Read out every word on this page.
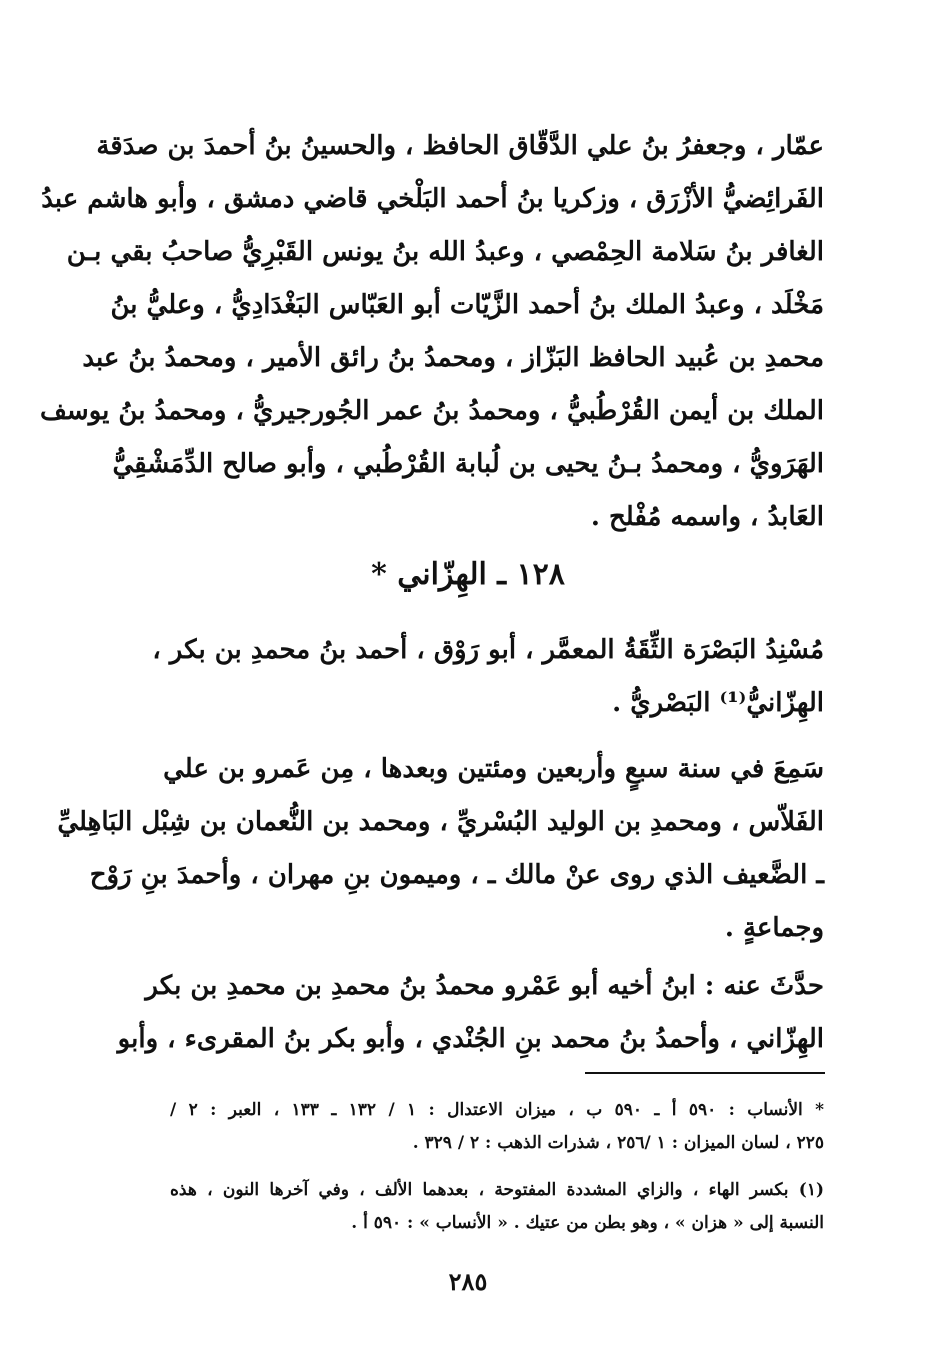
عمّار ، وجعفرُ بنُ علي الدَّقّاق الحافظ ، والحسينُ بنُ أحمدَ بن صدَقة
الفَرائِضيُّ الأزْرَق ، وزكريا بنُ أحمد البَلْخي قاضي دمشق ، وأبو هاشم عبدُ
الغافر بنُ سَلامة الحِمْصي ، وعبدُ الله بنُ يونس القَبْرِيُّ صاحبُ بقي بـن
مَخْلَد ، وعبدُ الملك بنُ أحمد الزَّيّات أبو العَبّاس البَغْدَادِيُّ ، وعليُّ بنُ
محمدِ بن عُبيد الحافظ البَزّاز ، ومحمدُ بنُ رائق الأمير ، ومحمدُ بنُ عبد
الملك بن أيمن القُرْطُبيُّ ، ومحمدُ بنُ عمر الجُورجيريُّ ، ومحمدُ بنُ يوسف
الهَرَويُّ ، ومحمدُ بـنُ يحيى بن لُبابة القُرْطُبي ، وأبو صالح الدِّمَشْقِيُّ
العَابدُ ، واسمه مُفْلح .
١٢٨ ـ الهِزّاني *
مُسْنِدُ البَصْرَة الثِّقَةُ المعمَّر ، أبو رَوْق ، أحمد بنُ محمدِ بن بكر ،
الهِزّانيُّ⁽¹⁾ البَصْريُّ .
سَمِعَ في سنة سبعٍ وأربعين ومئتين وبعدها ، مِن عَمرو بن علي
الفَلاّس ، ومحمدِ بن الوليد البُسْريِّ ، ومحمد بن النُّعمان بن شِبْل البَاهِليِّ
ـ الضَّعيف الذي روى عنْ مالك ـ ، وميمون بنِ مهران ، وأحمدَ بنِ رَوْح
وجماعةٍ .
حدَّثَ عنه : ابنُ أخيه أبو عَمْرو محمدُ بنُ محمدِ بن محمدِ بن بكر
الهِزّاني ، وأحمدُ بنُ محمد بنِ الجُنْدي ، وأبو بكر بنُ المقرىء ، وأبو
* الأنساب : ٥٩٠ أ ـ ٥٩٠ ب ، ميزان الاعتدال : ١ / ١٣٢ ـ ١٣٣ ، العبر : ٢ /
٢٢٥ ، لسان الميزان : ١ /٢٥٦ ، شذرات الذهب : ٢ / ٣٢٩ .
(١) بكسر الهاء ، والزاي المشددة المفتوحة ، بعدهما الألف ، وفي آخرها النون ، هذه
النسبة إلى « هزان » ، وهو بطن من عتيك . « الأنساب » : ٥٩٠ أ .
٢٨٥
